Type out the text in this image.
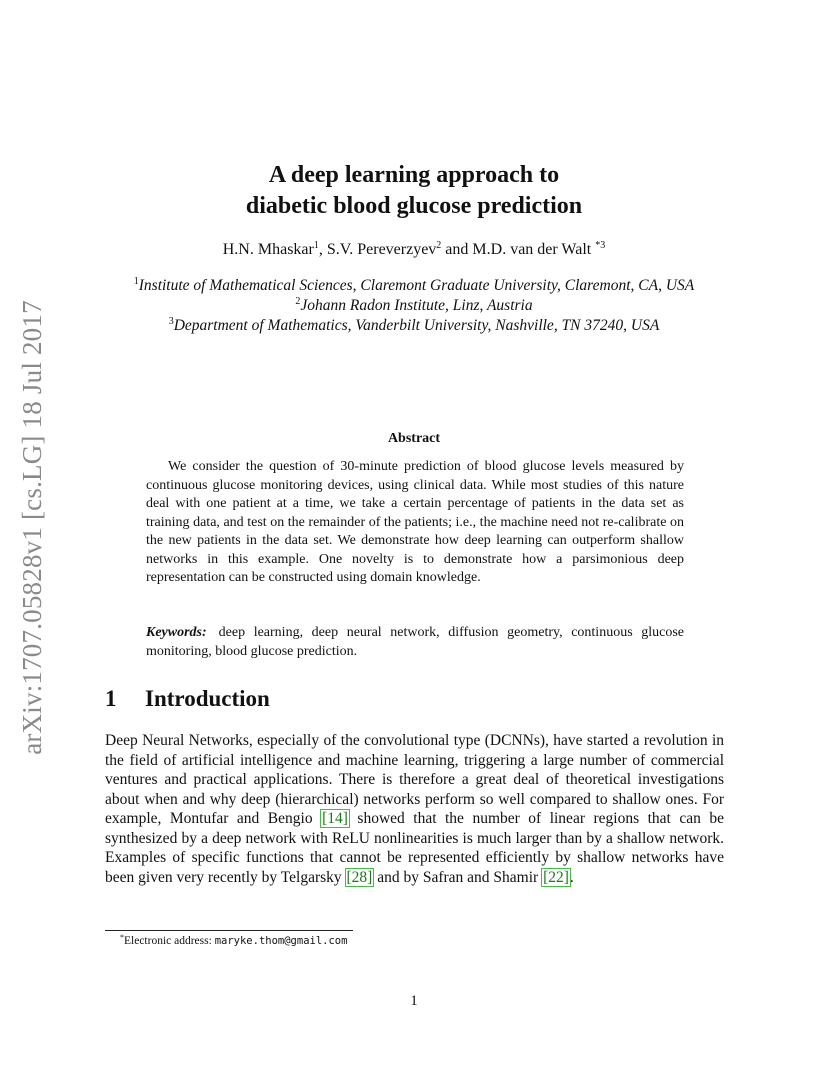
arXiv:1707.05828v1 [cs.LG] 18 Jul 2017
A deep learning approach to
diabetic blood glucose prediction
H.N. Mhaskar$^1$, S.V. Pereverzyev$^2$ and M.D. van der Walt $^{*3}$
$^1$Institute of Mathematical Sciences, Claremont Graduate University, Claremont, CA, USA
$^2$Johann Radon Institute, Linz, Austria
$^3$Department of Mathematics, Vanderbilt University, Nashville, TN 37240, USA
Abstract
We consider the question of 30-minute prediction of blood glucose levels measured by continuous glucose monitoring devices, using clinical data. While most studies of this nature deal with one patient at a time, we take a certain percentage of patients in the data set as training data, and test on the remainder of the patients; i.e., the machine need not re-calibrate on the new patients in the data set. We demonstrate how deep learning can outperform shallow networks in this example. One novelty is to demonstrate how a parsimonious deep representation can be constructed using domain knowledge.
Keywords: deep learning, deep neural network, diffusion geometry, continuous glucose monitoring, blood glucose prediction.
1 Introduction
Deep Neural Networks, especially of the convolutional type (DCNNs), have started a revolution in the field of artificial intelligence and machine learning, triggering a large number of commercial ventures and practical applications. There is therefore a great deal of theoretical investigations about when and why deep (hierarchical) networks perform so well compared to shallow ones. For example, Montufar and Bengio [14] showed that the number of linear regions that can be synthesized by a deep network with ReLU nonlinearities is much larger than by a shallow network. Examples of specific functions that cannot be represented efficiently by shallow networks have been given very recently by Telgarsky [28] and by Safran and Shamir [22].
*Electronic address: maryke.thom@gmail.com
1
